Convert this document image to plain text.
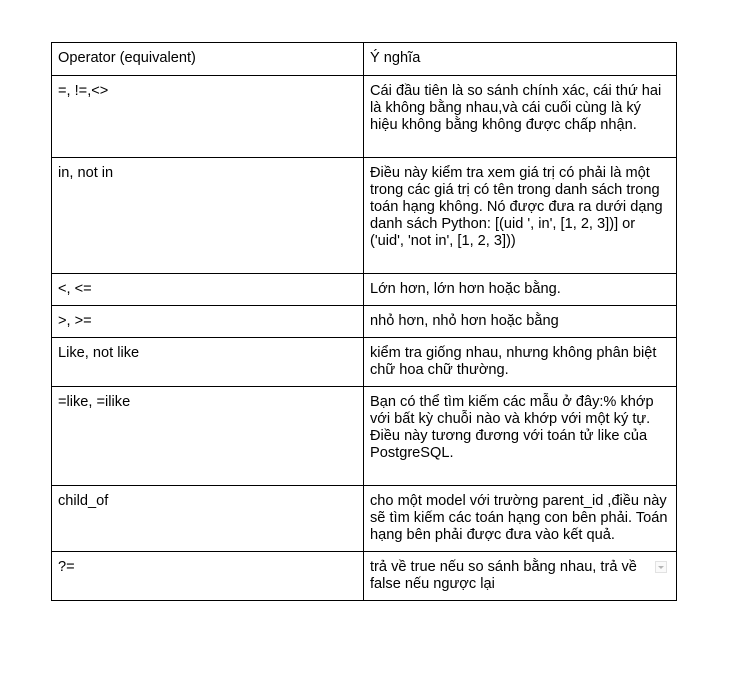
Operator (equivalent)	Ý nghĩa
=, !=,<>	Cái đầu tiên là so sánh chính xác, cái thứ hai là không bằng nhau,và cái cuối cùng là ký hiệu không bằng không được chấp nhận.
in, not in	Điều này kiểm tra xem giá trị có phải là một trong các giá trị có tên trong danh sách trong toán hạng không. Nó được đưa ra dưới dạng danh sách Python: [(uid ', in', [1, 2, 3])] or ('uid', 'not in', [1, 2, 3]))
<, <=	Lớn hơn, lớn hơn hoặc bằng.
>, >=	nhỏ hơn, nhỏ hơn hoặc bằng
Like, not like	kiểm tra giống nhau, nhưng không phân biệt chữ hoa chữ thường.
=like, =ilike	Bạn có thể tìm kiếm các mẫu ở đây:% khớp với bất kỳ chuỗi nào và khớp với một ký tự. Điều này tương đương với toán tử like của PostgreSQL.
child_of	cho một model với trường parent_id ,điều này sẽ tìm kiếm các toán hạng con bên phải. Toán hạng bên phải được đưa vào kết quả.
?=	trả về true nếu so sánh bằng nhau, trả về false nếu ngược lại
